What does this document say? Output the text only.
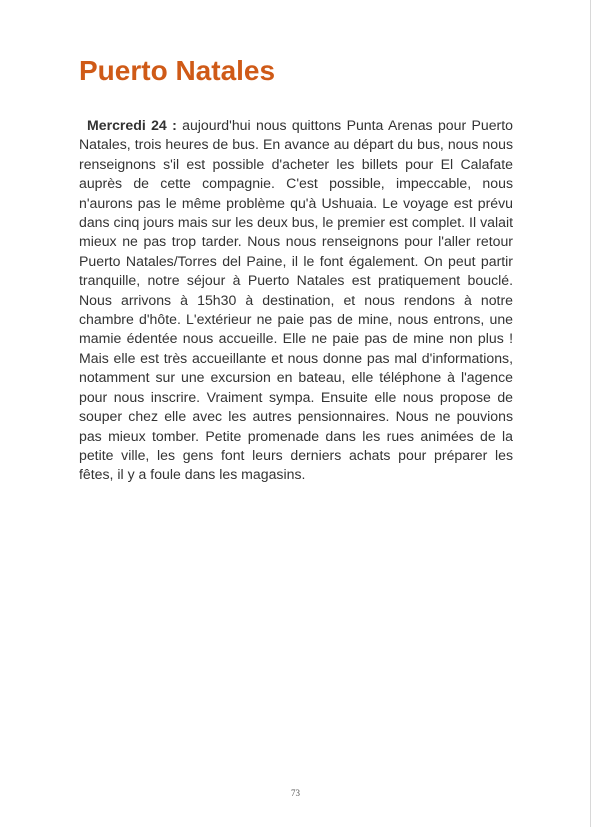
Puerto Natales

Mercredi 24 : aujourd'hui nous quittons Punta Arenas pour Puerto Natales, trois heures de bus. En avance au départ du bus, nous nous renseignons s'il est possible d'acheter les billets pour El Calafate auprès de cette compagnie. C'est possible, impeccable, nous n'aurons pas le même problème qu'à Ushuaia. Le voyage est prévu dans cinq jours mais sur les deux bus, le premier est complet. Il valait mieux ne pas trop tarder. Nous nous renseignons pour l'aller retour Puerto Natales/Torres del Paine, il le font également. On peut partir tranquille, notre séjour à Puerto Natales est pratiquement bouclé. Nous arrivons à 15h30 à destination, et nous rendons à notre chambre d'hôte. L'extérieur ne paie pas de mine, nous entrons, une mamie édentée nous accueille. Elle ne paie pas de mine non plus ! Mais elle est très accueillante et nous donne pas mal d'informations, notamment sur une excursion en bateau, elle téléphone à l'agence pour nous inscrire. Vraiment sympa. Ensuite elle nous propose de souper chez elle avec les autres pensionnaires. Nous ne pouvions pas mieux tomber. Petite promenade dans les rues animées de la petite ville, les gens font leurs derniers achats pour préparer les fêtes, il y a foule dans les magasins.

73
